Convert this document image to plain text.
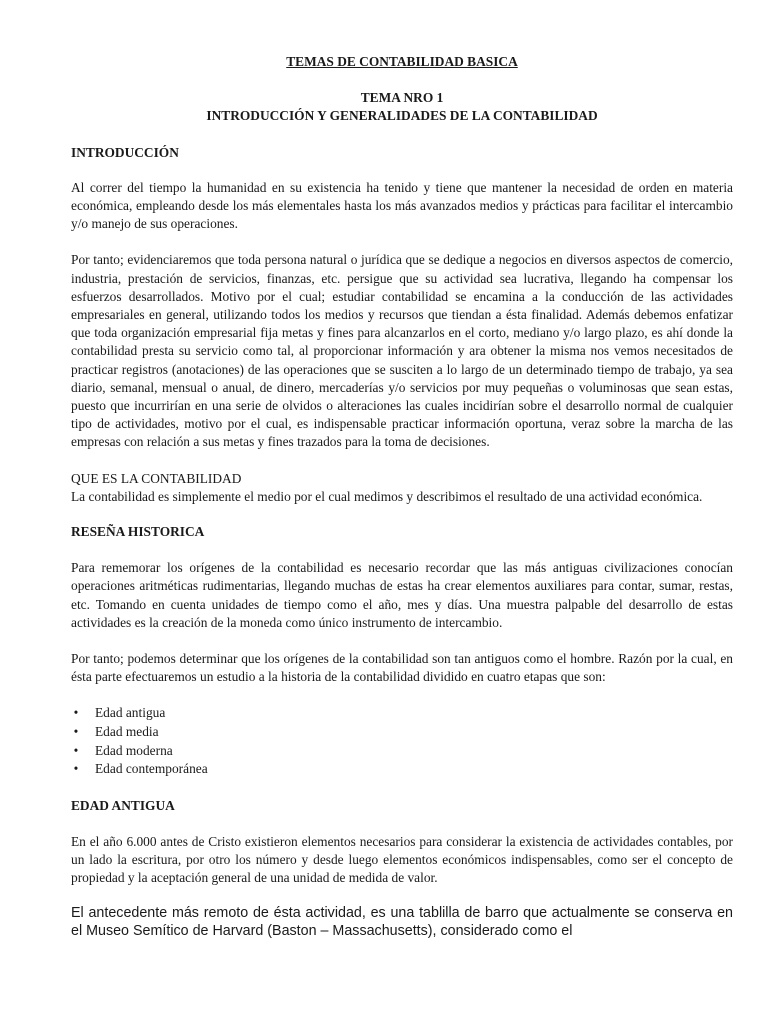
TEMAS DE CONTABILIDAD BASICA

TEMA NRO 1

INTRODUCCIÓN Y GENERALIDADES DE LA CONTABILIDAD

INTRODUCCIÓN

Al correr del tiempo la humanidad en su existencia ha tenido y tiene que mantener la necesidad de orden en materia económica, empleando desde los más elementales hasta los más avanzados medios y prácticas para facilitar el intercambio y/o manejo de sus operaciones.

Por tanto; evidenciaremos que toda persona natural o jurídica que se dedique a negocios en diversos aspectos de comercio, industria, prestación de servicios, finanzas, etc. persigue que su actividad sea lucrativa, llegando ha compensar los esfuerzos desarrollados. Motivo por el cual; estudiar contabilidad se encamina a la conducción de las actividades empresariales en general, utilizando todos los medios y recursos que tiendan a ésta finalidad. Además debemos enfatizar que toda organización empresarial fija metas y fines para alcanzarlos en el corto, mediano y/o largo plazo, es ahí donde la contabilidad presta su servicio como tal, al proporcionar información y ara obtener la misma nos vemos necesitados de practicar registros (anotaciones) de las operaciones que se susciten a lo largo de un determinado tiempo de trabajo, ya sea diario, semanal, mensual o anual, de dinero, mercaderías y/o servicios por muy pequeñas o voluminosas que sean estas, puesto que incurrirían en una serie de olvidos o alteraciones las cuales incidirían sobre el desarrollo normal de cualquier tipo de actividades, motivo por el cual, es indispensable practicar información oportuna, veraz sobre la marcha de las empresas con relación a sus metas y fines trazados para la toma de decisiones.

QUE ES LA CONTABILIDAD

La contabilidad es simplemente el medio por el cual medimos y describimos el resultado de una actividad económica.

RESEÑA HISTORICA

Para rememorar los orígenes de la contabilidad es necesario recordar que las más antiguas civilizaciones conocían operaciones aritméticas rudimentarias, llegando muchas de estas ha crear elementos auxiliares para contar, sumar, restas, etc. Tomando en cuenta unidades de tiempo como el año, mes y días. Una muestra palpable del desarrollo de estas actividades es la creación de la moneda como único instrumento de intercambio.

Por tanto; podemos determinar que los orígenes de la contabilidad son tan antiguos como el hombre. Razón por la cual, en ésta parte efectuaremos un estudio a la historia de la contabilidad dividido en cuatro etapas que son:

• Edad antigua
• Edad media
• Edad moderna
• Edad contemporánea
EDAD ANTIGUA

En el año 6.000 antes de Cristo existieron elementos necesarios para considerar la existencia de actividades contables, por un lado la escritura, por otro los número y desde luego elementos económicos indispensables, como ser el concepto de propiedad y la aceptación general de una unidad de medida de valor.

El antecedente más remoto de ésta actividad, es una tablilla de barro que actualmente se conserva en el Museo Semítico de Harvard (Baston – Massachusetts), considerado como el
